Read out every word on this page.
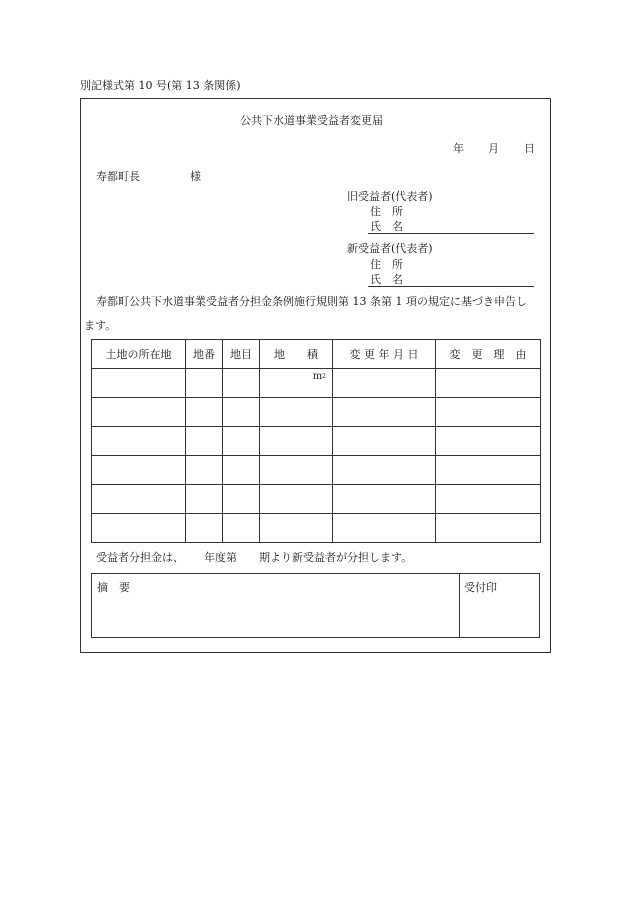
別記様式第 10 号(第 13 条関係)
公共下水道事業受益者変更届
年 月 日
寿都町長	様
旧受益者(代表者)
住　所
氏　名
新受益者(代表者)
住　所
氏　名
寿都町公共下水道事業受益者分担金条例施行規則第 13 条第 1 項の規定に基づき申告し
ます。
土地の所在地	地番	地目	地　　積	変 更 年 月 日	変　更　理　由
			$m^2$		

受益者分担金は、　　 年度第　　期より新受益者が分担します。
摘　要	受付印
